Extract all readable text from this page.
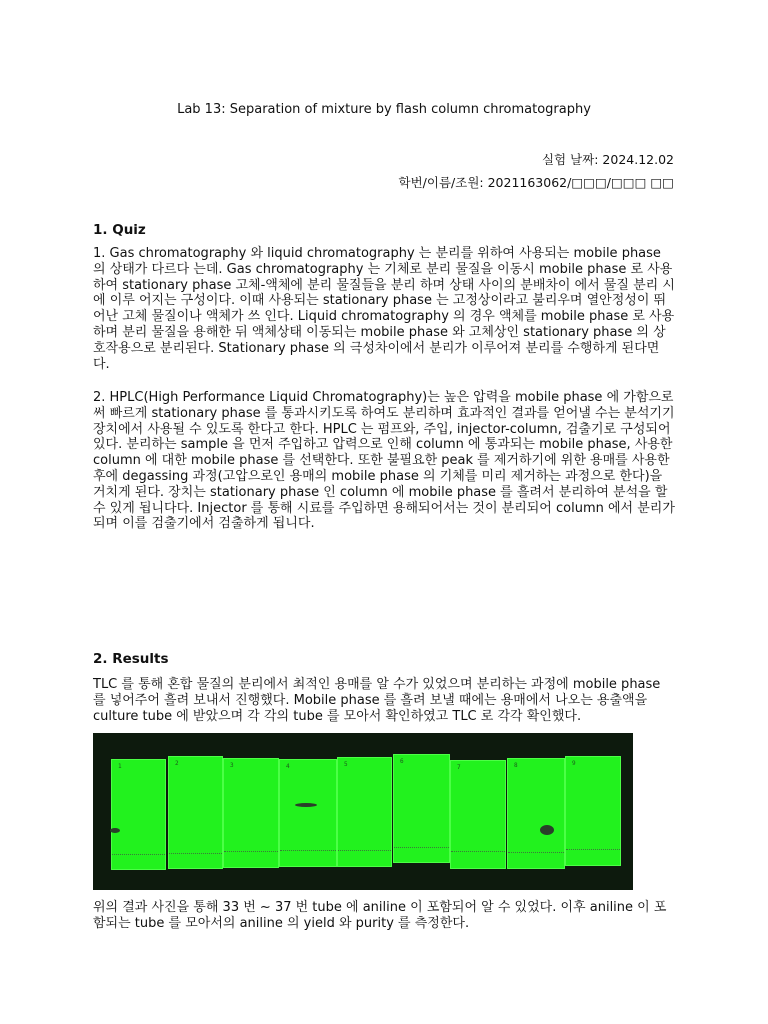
Lab 13: Separation of mixture by flash column chromatography
실험 날짜: 2024.12.02
학번/이름/조원: 2021163062/□□□/□□□ □□
1. Quiz
1. Gas chromatography 와 liquid chromatography 는 분리를 위하여 사용되는 mobile phase 의 상태가 다르다 는데. Gas chromatography 는 기체로 분리 물질을 이동시 mobile phase 로 사용하여 stationary phase 고체-액체에 분리 물질들을 분리 하며 상태 사이의 분배차이 에서 물질 분리 시에 이루 어지는 구성이다. 이때 사용되는 stationary phase 는 고정상이라고 불리우며 열안정성이 뛰어난 고체 물질이나 액체가 쓰 인다. Liquid chromatography 의 경우 액체를 mobile phase 로 사용하며 분리 물질을 용해한 뒤 액체상태 이동되는 mobile phase 와 고체상인 stationary phase 의 상호작용으로 분리된다. Stationary phase 의 극성차이에서 분리가 이루어져 분리를 수행하게 된다면다.
2. HPLC(High Performance Liquid Chromatography)는 높은 압력을 mobile phase 에 가함으로써 빠르게 stationary phase 를 통과시키도록 하여도 분리하며 효과적인 결과를 얻어낼 수는 분석기기 장치에서 사용될 수 있도록 한다고 한다. HPLC 는 펌프와, 주입, injector-column, 검출기로 구성되어 있다. 분리하는 sample 을 먼저 주입하고 압력으로 인해 column 에 통과되는 mobile phase, 사용한 column 에 대한 mobile phase 를 선택한다. 또한 불필요한 peak 를 제거하기에 위한 용매를 사용한 후에 degassing 과정(고압으로인 용매의 mobile phase 의 기체를 미리 제거하는 과정으로 한다)을 거치게 된다. 장치는 stationary phase 인 column 에 mobile phase 를 흘려서 분리하여 분석을 할 수 있게 됩니다다. Injector 를 통해 시료를 주입하면 용해되어서는 것이 분리되어 column 에서 분리가 되며 이를 검출기에서 검출하게 됩니다.
2. Results
TLC 를 통해 혼합 물질의 분리에서 최적인 용매를 알 수가 있었으며 분리하는 과정에 mobile phase 를 넣어주어 흘려 보내서 진행했다. Mobile phase 를 흘려 보낼 때에는 용매에서 나오는 용출액을 culture tube 에 받았으며 각 각의 tube 를 모아서 확인하였고 TLC 로 각각 확인했다.
1	2	3	4	5	6
7	8	9
위의 결과 사진을 통해 33 번 ~ 37 번 tube 에 aniline 이 포함되어 알 수 있었다. 이후 aniline 이 포함되는 tube 를 모아서의 aniline 의 yield 와 purity 를 측정한다.
